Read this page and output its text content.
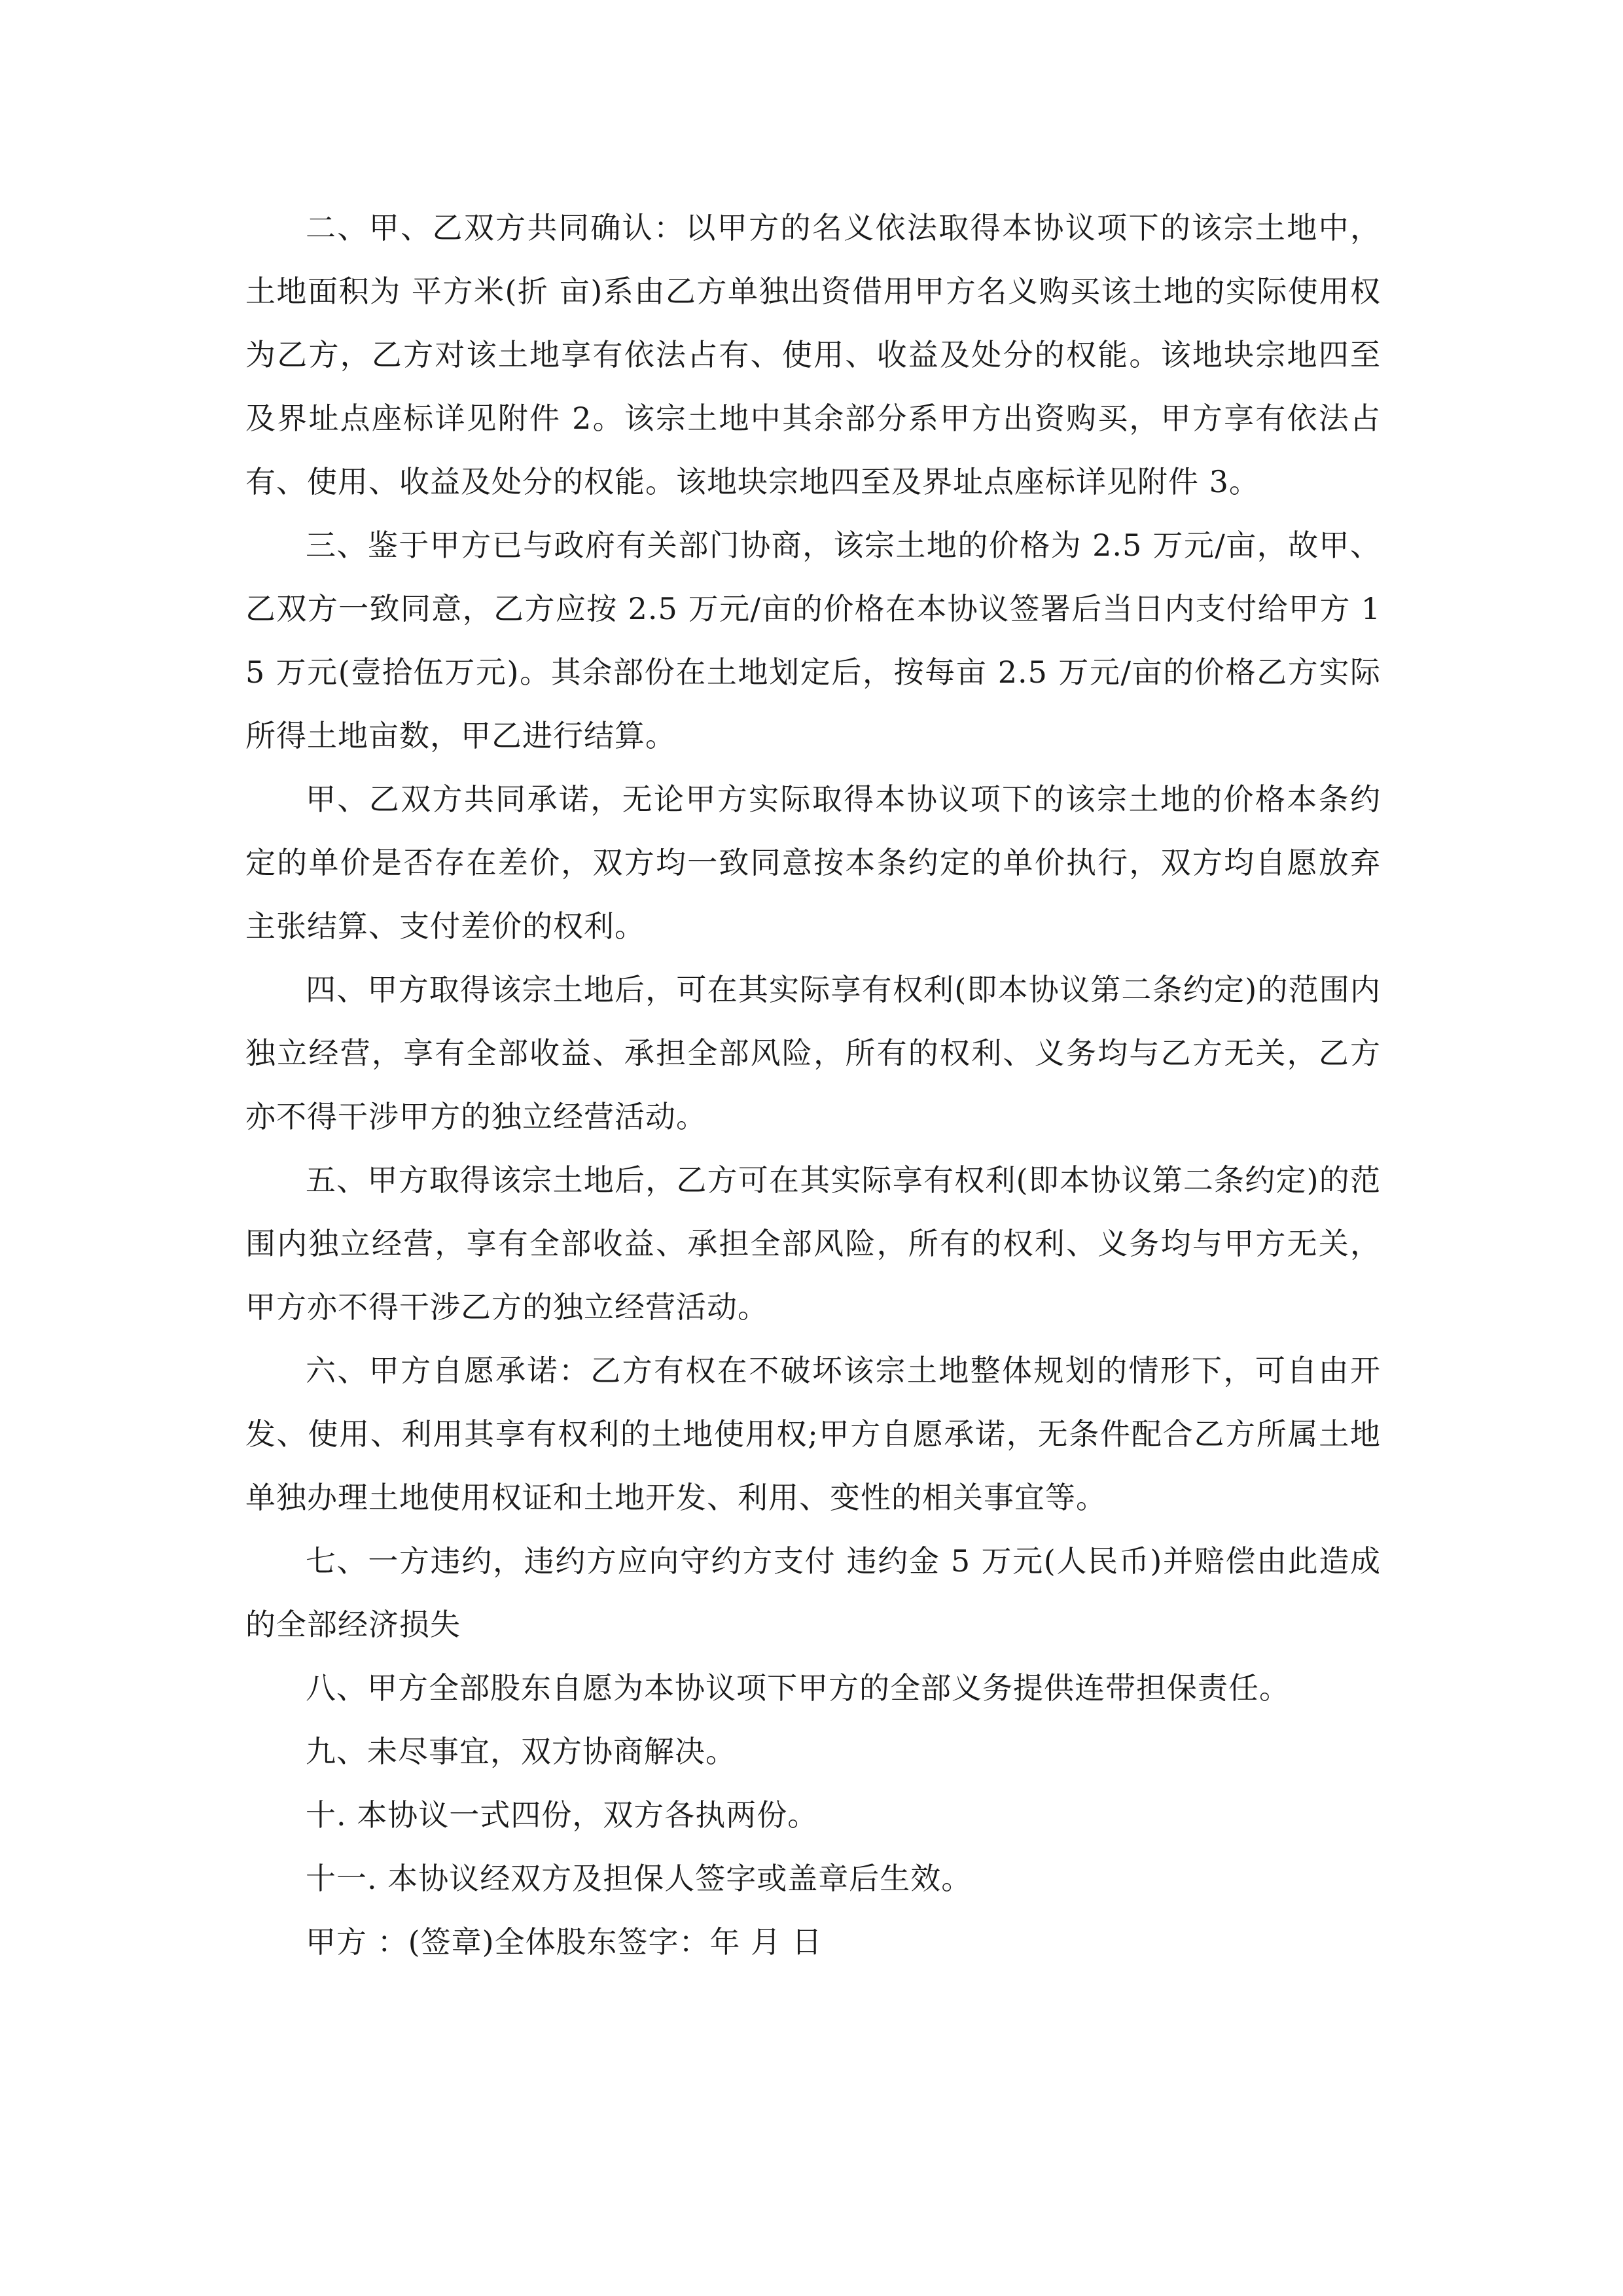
二、甲、乙双方共同确认：以甲方的名义依法取得本协议项下的该宗土地中，土地面积为 平方米(折 亩)系由乙方单独出资借用甲方名义购买该土地的实际使用权为乙方，乙方对该土地享有依法占有、使用、收益及处分的权能。该地块宗地四至及界址点座标详见附件 2。该宗土地中其余部分系甲方出资购买，甲方享有依法占有、使用、收益及处分的权能。该地块宗地四至及界址点座标详见附件 3。

三、鉴于甲方已与政府有关部门协商，该宗土地的价格为 2.5 万元/亩，故甲、乙双方一致同意，乙方应按 2.5 万元/亩的价格在本协议签署后当日内支付给甲方 15 万元(壹拾伍万元)。其余部份在土地划定后，按每亩 2.5 万元/亩的价格乙方实际所得土地亩数，甲乙进行结算。

甲、乙双方共同承诺，无论甲方实际取得本协议项下的该宗土地的价格本条约定的单价是否存在差价，双方均一致同意按本条约定的单价执行，双方均自愿放弃主张结算、支付差价的权利。

四、甲方取得该宗土地后，可在其实际享有权利(即本协议第二条约定)的范围内独立经营，享有全部收益、承担全部风险，所有的权利、义务均与乙方无关，乙方亦不得干涉甲方的独立经营活动。

五、甲方取得该宗土地后，乙方可在其实际享有权利(即本协议第二条约定)的范围内独立经营，享有全部收益、承担全部风险，所有的权利、义务均与甲方无关，甲方亦不得干涉乙方的独立经营活动。

六、甲方自愿承诺：乙方有权在不破坏该宗土地整体规划的情形下，可自由开发、使用、利用其享有权利的土地使用权;甲方自愿承诺，无条件配合乙方所属土地单独办理土地使用权证和土地开发、利用、变性的相关事宜等。

七、一方违约，违约方应向守约方支付 违约金 5 万元(人民币)并赔偿由此造成的全部经济损失

八、甲方全部股东自愿为本协议项下甲方的全部义务提供连带担保责任。

九、未尽事宜，双方协商解决。

十. 本协议一式四份，双方各执两份。

十一. 本协议经双方及担保人签字或盖章后生效。

甲方 ：(签章)全体股东签字：年 月 日
